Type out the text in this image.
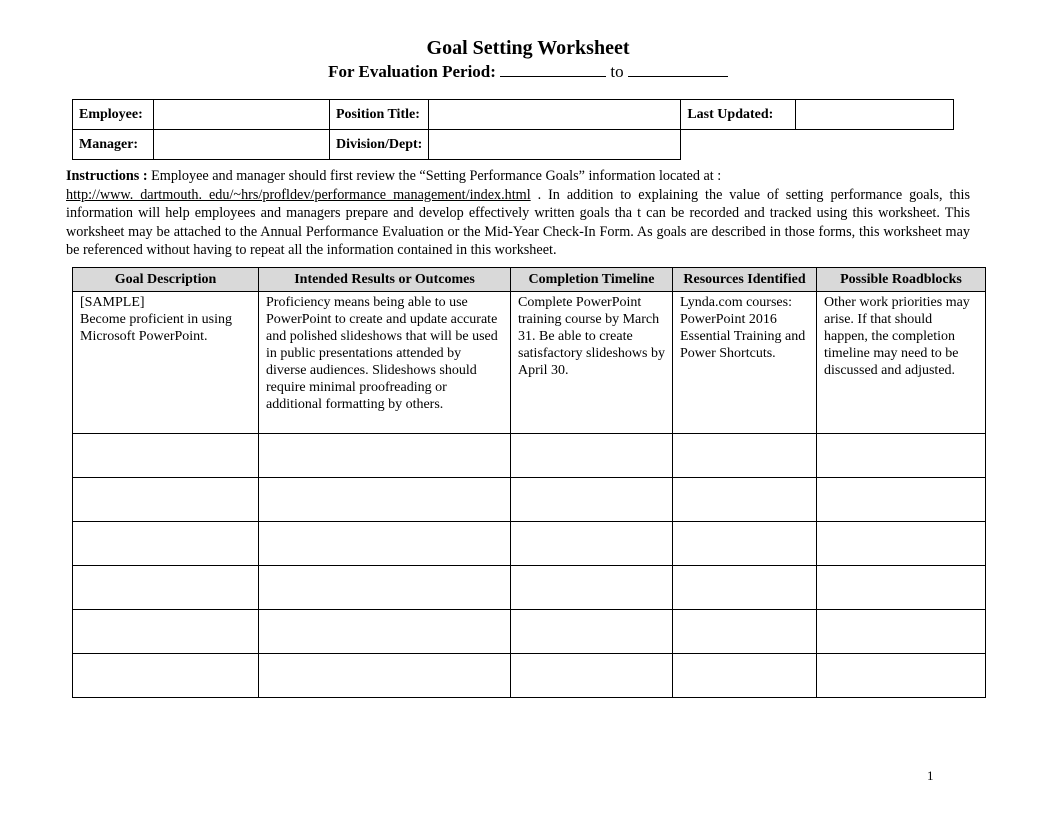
Goal Setting Worksheet
For Evaluation Period:	to
Employee:		Position Title:		Last Updated:	
Manager:		Division/Dept:			
Instructions : Employee and manager should first review the “Setting Performance Goals” information located at :
http://www. dartmouth. edu/~hrs/profldev/performance_management/index.html . In addition to explaining the value of setting performance goals, this information will help employees and managers prepare and develop effectively written goals tha t can be recorded and tracked using this worksheet. This worksheet may be attached to the Annual Performance Evaluation or the Mid-Year Check-In Form. As goals are described in those forms, this worksheet may be referenced without having to repeat all the information contained in this worksheet.
Goal Description	Intended Results or Outcomes	Completion Timeline	Resources Identified	Possible Roadblocks
[SAMPLE]
Become proficient in using Microsoft PowerPoint.	Proficiency means being able to use PowerPoint to create and update accurate and polished slideshows that will be used in public presentations attended by diverse audiences. Slideshows should require minimal proofreading or additional formatting by others.	Complete PowerPoint training course by March 31. Be able to create satisfactory slideshows by April 30.	Lynda.com courses: PowerPoint 2016 Essential Training and Power Shortcuts.	Other work priorities may arise. If that should happen, the completion timeline may need to be discussed and adjusted.

1
